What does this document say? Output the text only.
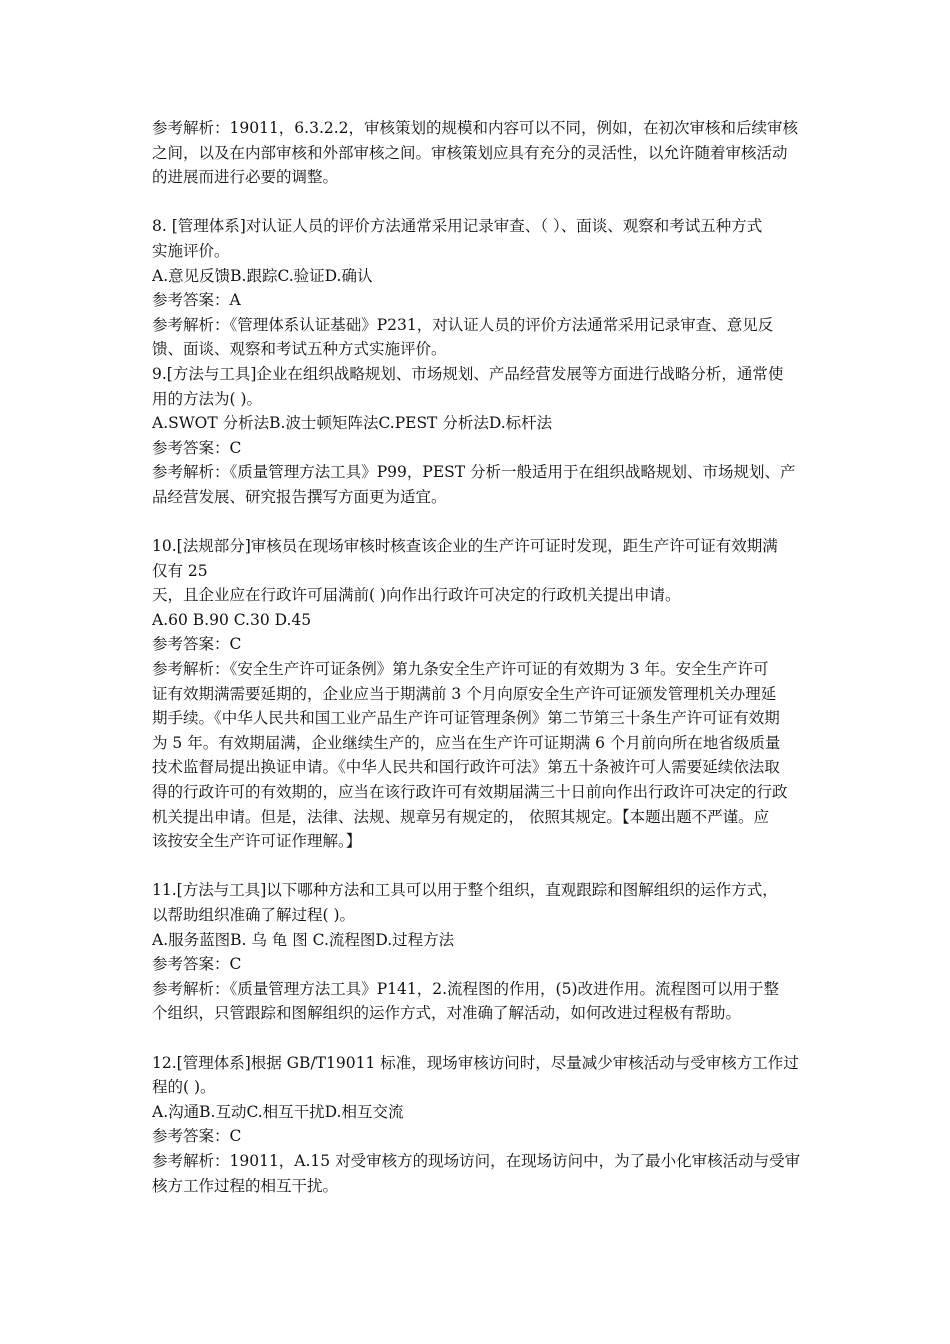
参考解析：19011，6.3.2.2，审核策划的规模和内容可以不同，例如，在初次审核和后续审核
之间，以及在内部审核和外部审核之间。审核策划应具有充分的灵活性，以允许随着审核活动
的进展而进行必要的调整。
8. [管理体系]对认证人员的评价方法通常采用记录审查、（ ）、面谈、观察和考试五种方式
实施评价。
A.意见反馈B.跟踪C.验证D.确认
参考答案：A
参考解析：《管理体系认证基础》P231，对认证人员的评价方法通常采用记录审查、意见反
馈、面谈、观察和考试五种方式实施评价。
9.[方法与工具]企业在组织战略规划、市场规划、产品经营发展等方面进行战略分析，通常使
用的方法为( )。
A.SWOT 分析法B.波士顿矩阵法C.PEST 分析法D.标杆法
参考答案：C
参考解析：《质量管理方法工具》P99，PEST 分析一般适用于在组织战略规划、市场规划、产
品经营发展、研究报告撰写方面更为适宜。
10.[法规部分]审核员在现场审核时核查该企业的生产许可证时发现，距生产许可证有效期满
仅有 25
天，且企业应在行政许可届满前( )向作出行政许可决定的行政机关提出申请。
A.60 B.90 C.30 D.45
参考答案：C
参考解析：《安全生产许可证条例》第九条安全生产许可证的有效期为 3 年。安全生产许可
证有效期满需要延期的，企业应当于期满前 3 个月向原安全生产许可证颁发管理机关办理延
期手续。《中华人民共和国工业产品生产许可证管理条例》第二节第三十条生产许可证有效期
为 5 年。有效期届满，企业继续生产的，应当在生产许可证期满 6 个月前向所在地省级质量
技术监督局提出换证申请。《中华人民共和国行政许可法》第五十条被许可人需要延续依法取
得的行政许可的有效期的，应当在该行政许可有效期届满三十日前向作出行政许可决定的行政
机关提出申请。但是，法律、法规、规章另有规定的， 依照其规定。【本题出题不严谨。应
该按安全生产许可证作理解。】
11.[方法与工具]以下哪种方法和工具可以用于整个组织，直观跟踪和图解组织的运作方式，
以帮助组织准确了解过程( )。
A.服务蓝图B. 乌 龟 图 C.流程图D.过程方法
参考答案：C
参考解析：《质量管理方法工具》P141，2.流程图的作用，(5)改进作用。流程图可以用于整
个组织，只管跟踪和图解组织的运作方式，对准确了解活动，如何改进过程极有帮助。
12.[管理体系]根据 GB/T19011 标准，现场审核访问时，尽量减少审核活动与受审核方工作过
程的( )。
A.沟通B.互动C.相互干扰D.相互交流
参考答案：C
参考解析：19011，A.15 对受审核方的现场访问，在现场访问中，为了最小化审核活动与受审
核方工作过程的相互干扰。
